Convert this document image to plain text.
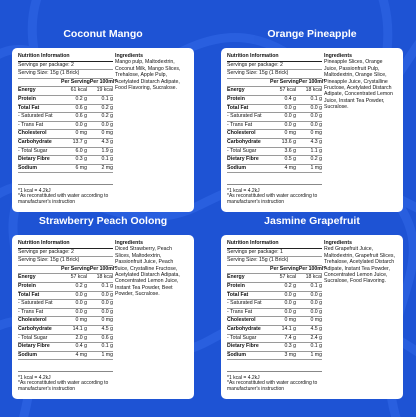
Coconut Mango
Nutrition Information
Servings per package: 2
Serving Size: 15g (1 Brick)
Per Serving Per 100ml*
Energy	61 kcal	19 kcal
Protein	0.2 g	0.1 g
Total Fat	0.6 g	0.2 g
- Saturated Fat	0.6 g	0.2 g
- Trans Fat	0.0 g	0.0 g
Cholesterol	0 mg	0 mg
Carbohydrate	13.7 g	4.3 g
- Total Sugar	6.0 g	1.9 g
Dietary Fibre	0.3 g	0.1 g
Sodium	6 mg	2 mg
Ingredients
Mango pulp, Maltodextrin, Coconut Milk, Mango Slices, Trehalose, Apple Pulp, Acetylated Distarch Adipate, Food Flavoring, Sucralose.
*1 kcal = 4.2kJ
*As reconstituted with water according to manufacturer's instruction
Orange Pineapple
Nutrition Information
Servings per package: 2
Serving Size: 15g (1 Brick)
Per Serving Per 100ml*
Energy	57 kcal	18 kcal
Protein	0.4 g	0.1 g
Total Fat	0.0 g	0.0 g
- Saturated Fat	0.0 g	0.0 g
- Trans Fat	0.0 g	0.0 g
Cholesterol	0 mg	0 mg
Carbohydrate	13.6 g	4.3 g
- Total Sugar	3.6 g	1.1 g
Dietary Fibre	0.5 g	0.2 g
Sodium	4 mg	1 mg
Ingredients
Pineapple Slices, Orange Juice, Passionfruit Pulp, Maltodextrin, Orange Slice, Pineapple Juice, Crystalline Fructose, Acetylated Distarch Adipate, Concentrated Lemon Juice, Instant Tea Powder, Sucralose.
*1 kcal = 4.2kJ
*As reconstituted with water according to manufacturer's instruction
Strawberry Peach Oolong
Nutrition Information
Servings per package: 2
Serving Size: 15g (1 Brick)
Per Serving Per 100ml*
Energy	57 kcal	18 kcal
Protein	0.2 g	0.1 g
Total Fat	0.0 g	0.0 g
- Saturated Fat	0.0 g	0.0 g
- Trans Fat	0.0 g	0.0 g
Cholesterol	0 mg	0 mg
Carbohydrate	14.1 g	4.5 g
- Total Sugar	2.0 g	0.6 g
Dietary Fibre	0.4 g	0.1 g
Sodium	4 mg	1 mg
Ingredients
Diced Strawberry, Peach Slices, Maltodextrin, Passionfruit Juice, Peach Juice, Crystalline Fructose, Acetylated Distarch Adipata, Concentrated Lemon Juice, Instant Tea Powder, Beet Powder, Sucralose.
*1 kcal = 4.2kJ
*As reconstituted with water according to manufacturer's instruction
Jasmine Grapefruit
Nutrition Information
Servings per package: 1
Serving Size: 15g (1 Brick)
Per Serving Per 100ml*
Energy	57 kcal	18 kcal
Protein	0.2 g	0.1 g
Total Fat	0.0 g	0.0 g
- Saturated Fat	0.0 g	0.0 g
- Trans Fat	0.0 g	0.0 g
Cholesterol	0 mg	0 mg
Carbohydrate	14.1 g	4.5 g
- Total Sugar	7.4 g	2.4 g
Dietary Fibre	0.3 g	0.1 g
Sodium	3 mg	1 mg
Ingredients
Red Grapefruit Juice, Maltodextrin, Grapefruit Slices, Trehalose, Acetylated Distarch Adipate, Instant Tea Powder, Concentrated Lemon Juice, Sucralose, Food Flavoring.
*1 kcal = 4.2kJ
*As reconstituted with water according to manufacturer's instruction
